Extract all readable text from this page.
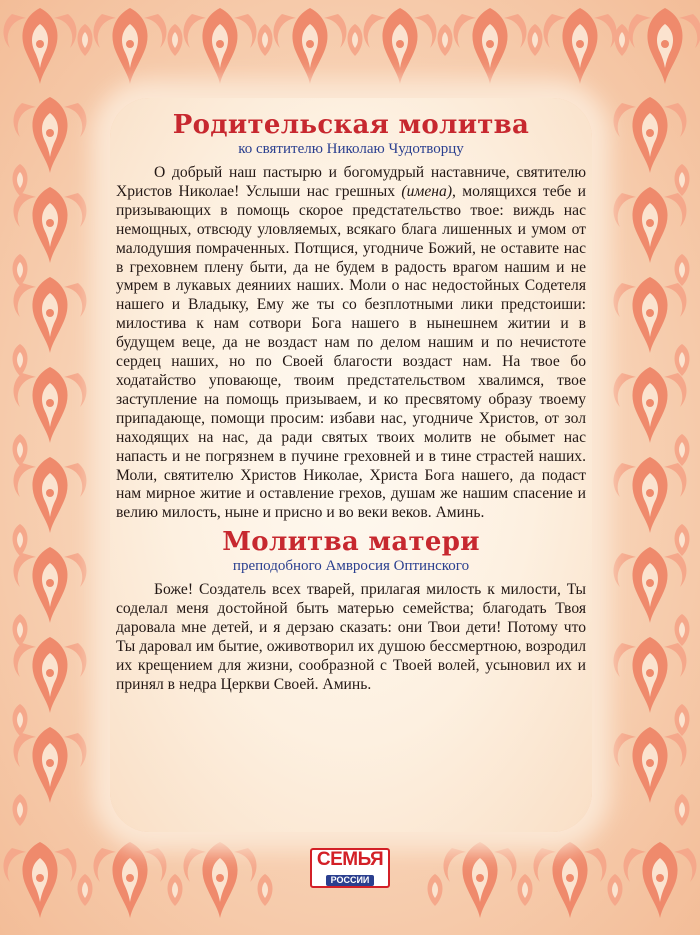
Родительская молитва

ко святителю Николаю Чудотворцу

О добрый наш пастырю и богомудрый наставниче, святителю Христов Николае! Услыши нас грешных (имена), молящихся тебе и призывающих в помощь скорое предстательство твое: виждь нас немощных, отвсюду уловляемых, всякаго блага лишенных и умом от малодушия помраченных. Потщися, угодниче Божий, не оставите нас в греховнем плену быти, да не будем в радость врагом нашим и не умрем в лукавых деяниих наших. Моли о нас недостойных Содетеля нашего и Владыку, Ему же ты со безплотными лики предстоиши: милостива к нам сотвори Бога нашего в нынешнем житии и в будущем веце, да не воздаст нам по делом нашим и по нечистоте сердец наших, но по Своей благости воздаст нам. На твое бо ходатайство уповающе, твоим предстательством хвалимся, твое заступление на помощь призываем, и ко пресвятому образу твоему припадающе, помощи просим: избави нас, угодниче Христов, от зол находящих на нас, да ради святых твоих молитв не обымет нас напасть и не погрязнем в пучине греховней и в тине страстей наших. Моли, святителю Христов Николае, Христа Бога нашего, да подаст нам мирное житие и оставление грехов, душам же нашим спасение и велию милость, ныне и присно и во веки веков. Аминь.

Молитва матери

преподобного Амвросия Оптинского

Боже! Создатель всех тварей, прилагая милость к милости, Ты соделал меня достойной быть матерью семейства; благодать Твоя даровала мне детей, и я дерзаю сказать: они Твои дети! Потому что Ты даровал им бытие, оживотворил их душою бессмертною, возродил их крещением для жизни, сообразной с Твоей волей, усыновил их и принял в недра Церкви Своей. Аминь.

СЕМЬЯ
РОССИИ
